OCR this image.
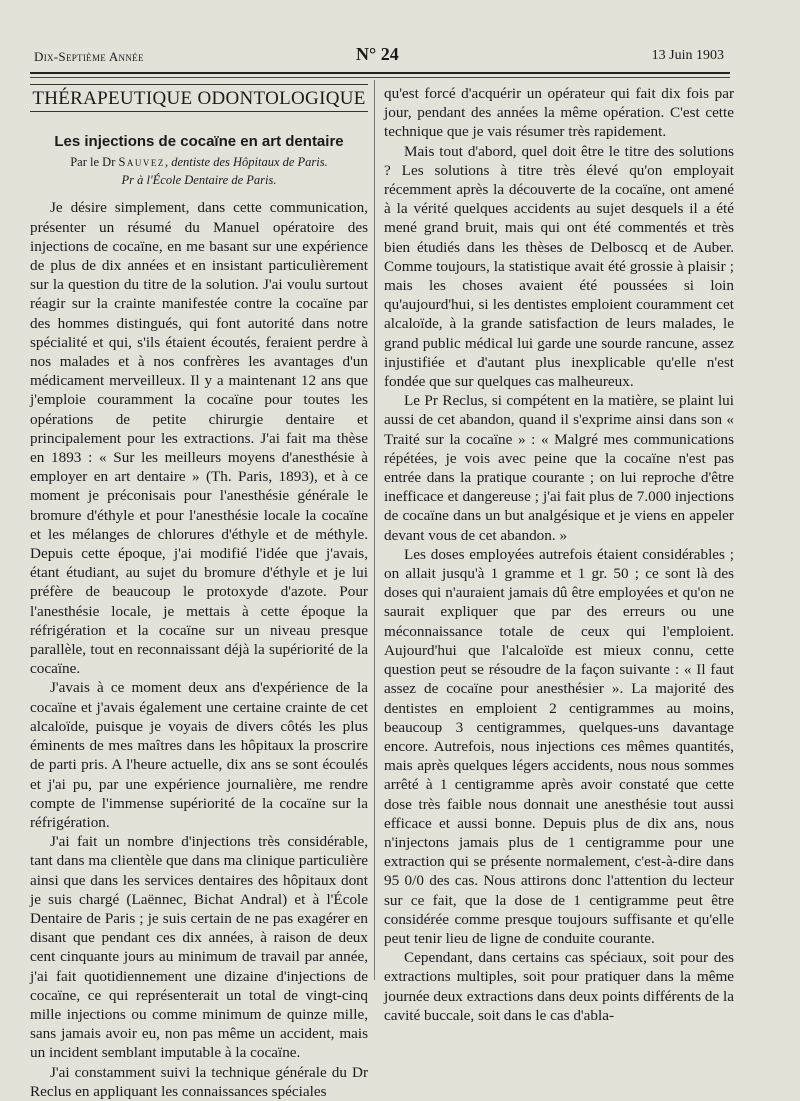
Dix-Septième Année	N° 24	13 Juin 1903
THÉRAPEUTIQUE ODONTOLOGIQUE
Les injections de cocaïne en art dentaire
Par le Dr Sauvez, dentiste des Hôpitaux de Paris.
Pr à l'École Dentaire de Paris.

Je désire simplement, dans cette communication, présenter un résumé du Manuel opératoire des injections de cocaïne, en me basant sur une expérience de plus de dix années et en insistant particulièrement sur la question du titre de la solution. J'ai voulu surtout réagir sur la crainte manifestée contre la cocaïne par des hommes distingués, qui font autorité dans notre spécialité et qui, s'ils étaient écoutés, feraient perdre à nos malades et à nos confrères les avantages d'un médicament merveilleux. Il y a maintenant 12 ans que j'emploie couramment la cocaïne pour toutes les opérations de petite chirurgie dentaire et principalement pour les extractions. J'ai fait ma thèse en 1893 : « Sur les meilleurs moyens d'anesthésie à employer en art dentaire » (Th. Paris, 1893), et à ce moment je préconisais pour l'anesthésie générale le bromure d'éthyle et pour l'anesthésie locale la cocaïne et les mélanges de chlorures d'éthyle et de méthyle. Depuis cette époque, j'ai modifié l'idée que j'avais, étant étudiant, au sujet du bromure d'éthyle et je lui préfère de beaucoup le protoxyde d'azote. Pour l'anesthésie locale, je mettais à cette époque la réfrigération et la cocaïne sur un niveau presque parallèle, tout en reconnaissant déjà la supériorité de la cocaïne.

J'avais à ce moment deux ans d'expérience de la cocaïne et j'avais également une certaine crainte de cet alcaloïde, puisque je voyais de divers côtés les plus éminents de mes maîtres dans les hôpitaux la proscrire de parti pris. A l'heure actuelle, dix ans se sont écoulés et j'ai pu, par une expérience journalière, me rendre compte de l'immense supériorité de la cocaïne sur la réfrigération.

J'ai fait un nombre d'injections très considérable, tant dans ma clientèle que dans ma clinique particulière ainsi que dans les services dentaires des hôpitaux dont je suis chargé (Laënnec, Bichat Andral) et à l'École Dentaire de Paris ; je suis certain de ne pas exagérer en disant que pendant ces dix années, à raison de deux cent cinquante jours au minimum de travail par année, j'ai fait quotidiennement une dizaine d'injections de cocaïne, ce qui représenterait un total de vingt-cinq mille injections ou comme minimum de quinze mille, sans jamais avoir eu, non pas même un accident, mais un incident semblant imputable à la cocaïne.

J'ai constamment suivi la technique générale du Dr Reclus en appliquant les connaissances spéciales

qu'est forcé d'acquérir un opérateur qui fait dix fois par jour, pendant des années la même opération. C'est cette technique que je vais résumer très rapidement.

Mais tout d'abord, quel doit être le titre des solutions ? Les solutions à titre très élevé qu'on employait récemment après la découverte de la cocaïne, ont amené à la vérité quelques accidents au sujet desquels il a été mené grand bruit, mais qui ont été commentés et très bien étudiés dans les thèses de Delboscq et de Auber. Comme toujours, la statistique avait été grossie à plaisir ; mais les choses avaient été poussées si loin qu'aujourd'hui, si les dentistes emploient couramment cet alcaloïde, à la grande satisfaction de leurs malades, le grand public médical lui garde une sourde rancune, assez injustifiée et d'autant plus inexplicable qu'elle n'est fondée que sur quelques cas malheureux.

Le Pr Reclus, si compétent en la matière, se plaint lui aussi de cet abandon, quand il s'exprime ainsi dans son « Traité sur la cocaïne » : « Malgré mes communications répétées, je vois avec peine que la cocaïne n'est pas entrée dans la pratique courante ; on lui reproche d'être inefficace et dangereuse ; j'ai fait plus de 7.000 injections de cocaïne dans un but analgésique et je viens en appeler devant vous de cet abandon. »

Les doses employées autrefois étaient considérables ; on allait jusqu'à 1 gramme et 1 gr. 50 ; ce sont là des doses qui n'auraient jamais dû être employées et qu'on ne saurait expliquer que par des erreurs ou une méconnaissance totale de ceux qui l'emploient. Aujourd'hui que l'alcaloïde est mieux connu, cette question peut se résoudre de la façon suivante : « Il faut assez de cocaïne pour anesthésier ». La majorité des dentistes en emploient 2 centigrammes au moins, beaucoup 3 centigrammes, quelques-uns davantage encore. Autrefois, nous injections ces mêmes quantités, mais après quelques légers accidents, nous nous sommes arrêté à 1 centigramme après avoir constaté que cette dose très faible nous donnait une anesthésie tout aussi efficace et aussi bonne. Depuis plus de dix ans, nous n'injectons jamais plus de 1 centigramme pour une extraction qui se présente normalement, c'est-à-dire dans 95 0/0 des cas. Nous attirons donc l'attention du lecteur sur ce fait, que la dose de 1 centigramme peut être considérée comme presque toujours suffisante et qu'elle peut tenir lieu de ligne de conduite courante.

Cependant, dans certains cas spéciaux, soit pour des extractions multiples, soit pour pratiquer dans la même journée deux extractions dans deux points différents de la cavité buccale, soit dans le cas d'abla-
